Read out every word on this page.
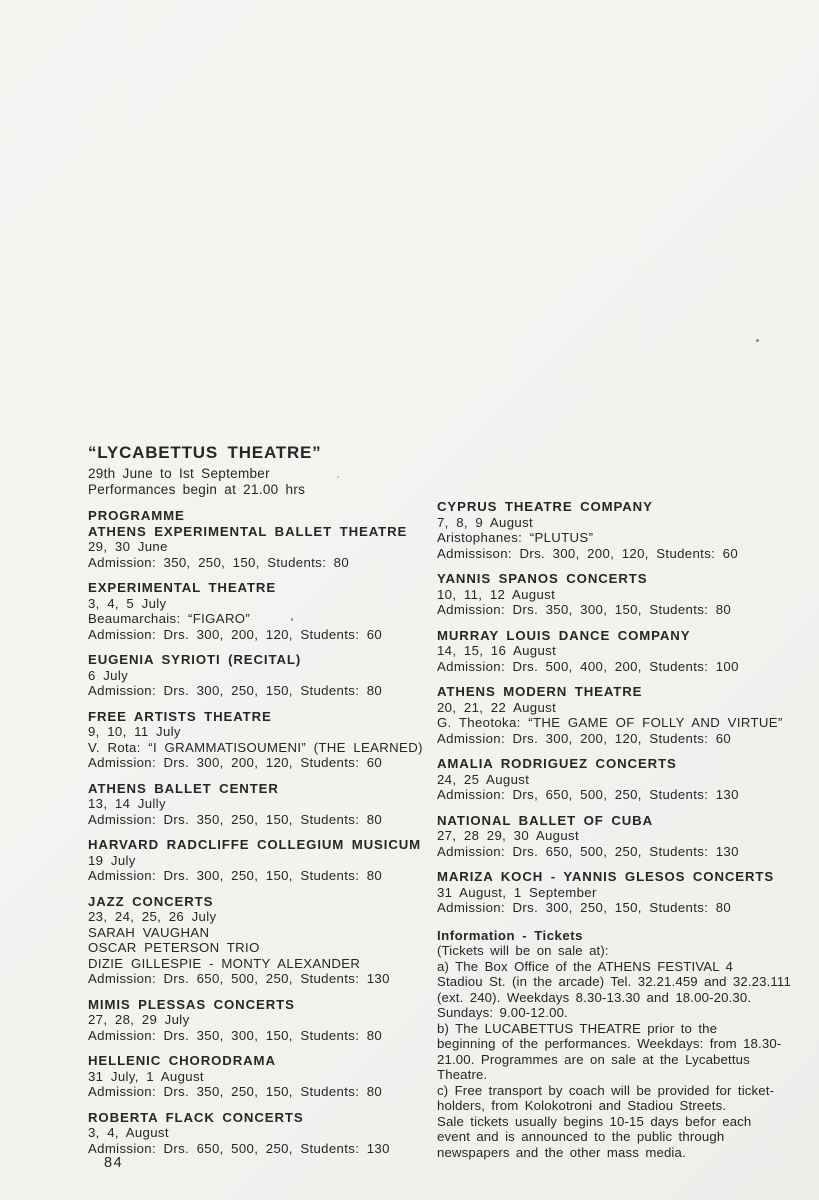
“LYCABETTUS THEATRE”
29th June to Ist September
Performances begin at 21.00 hrs
PROGRAMME
ATHENS EXPERIMENTAL BALLET THEATRE
29, 30 June
Admission: 350, 250, 150, Students: 80
EXPERIMENTAL THEATRE
3, 4, 5 July
Beaumarchais: “FIGARO”
Admission: Drs. 300, 200, 120, Students: 60
EUGENIA SYRIOTI (RECITAL)
6 July
Admission: Drs. 300, 250, 150, Students: 80
FREE ARTISTS THEATRE
9, 10, 11 July
V. Rota: “I GRAMMATISOUMENI” (THE LEARNED)
Admission: Drs. 300, 200, 120, Students: 60
ATHENS BALLET CENTER
13, 14 Jully
Admission: Drs. 350, 250, 150, Students: 80
HARVARD RADCLIFFE COLLEGIUM MUSICUM
19 July
Admission: Drs. 300, 250, 150, Students: 80
JAZZ CONCERTS
23, 24, 25, 26 July
SARAH VAUGHAN
OSCAR PETERSON TRIO
DIZIE GILLESPIE - MONTY ALEXANDER
Admission: Drs. 650, 500, 250, Students: 130
MIMIS PLESSAS CONCERTS
27, 28, 29 July
Admission: Drs. 350, 300, 150, Students: 80
HELLENIC CHORODRAMA
31 July, 1 August
Admission: Drs. 350, 250, 150, Students: 80
ROBERTA FLACK CONCERTS
3, 4, August
Admission: Drs. 650, 500, 250, Students: 130
CYPRUS THEATRE COMPANY
7, 8, 9 August
Aristophanes: “PLUTUS”
Admissison: Drs. 300, 200, 120, Students: 60
YANNIS SPANOS CONCERTS
10, 11, 12 August
Admission: Drs. 350, 300, 150, Students: 80
MURRAY LOUIS DANCE COMPANY
14, 15, 16 August
Admission: Drs. 500, 400, 200, Students: 100
ATHENS MODERN THEATRE
20, 21, 22 August
G. Theotoka: “THE GAME OF FOLLY AND VIRTUE”
Admission: Drs. 300, 200, 120, Students: 60
AMALIA RODRIGUEZ CONCERTS
24, 25 August
Admission: Drs, 650, 500, 250, Students: 130
NATIONAL BALLET OF CUBA
27, 28 29, 30 August
Admission: Drs. 650, 500, 250, Students: 130
MARIZA KOCH - YANNIS GLESOS CONCERTS
31 August, 1 September
Admission: Drs. 300, 250, 150, Students: 80
Information - Tickets
(Tickets will be on sale at):
a) The Box Office of the ATHENS FESTIVAL 4
Stadiou St. (in the arcade) Tel. 32.21.459 and 32.23.111
(ext. 240). Weekdays 8.30-13.30 and 18.00-20.30.
Sundays: 9.00-12.00.
b) The LUCABETTUS THEATRE prior to the
beginning of the performances. Weekdays: from 18.30-
21.00. Programmes are on sale at the Lycabettus
Theatre.
c) Free transport by coach will be provided for ticket-
holders, from Kolokotroni and Stadiou Streets.
Sale tickets usually begins 10-15 days befor each
event and is announced to the public through
newspapers and the other mass media.
84
